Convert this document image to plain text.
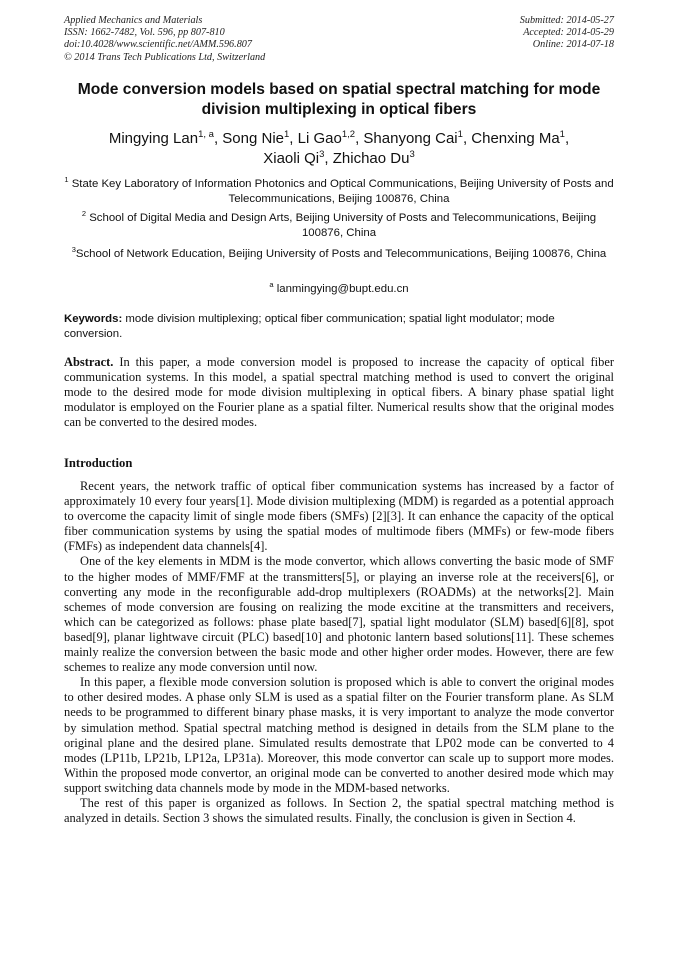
Applied Mechanics and Materials
ISSN: 1662-7482, Vol. 596, pp 807-810
doi:10.4028/www.scientific.net/AMM.596.807
© 2014 Trans Tech Publications Ltd, Switzerland
Submitted: 2014-05-27
Accepted: 2014-05-29
Online: 2014-07-18
Mode conversion models based on spatial spectral matching for mode division multiplexing in optical fibers
Mingying Lan$^{1, a}$, Song Nie$^1$, Li Gao$^{1,2}$, Shanyong Cai$^1$, Chenxing Ma$^1$,
Xiaoli Qi$^3$, Zhichao Du$^3$
$^1$ State Key Laboratory of Information Photonics and Optical Communications, Beijing University of Posts and Telecommunications, Beijing 100876, China
$^2$ School of Digital Media and Design Arts, Beijing University of Posts and Telecommunications, Beijing 100876, China
$^3$School of Network Education, Beijing University of Posts and Telecommunications, Beijing 100876, China
$^a$ lanmingying@bupt.edu.cn
Keywords: mode division multiplexing; optical fiber communication; spatial light modulator; mode conversion.
Abstract. In this paper, a mode conversion model is proposed to increase the capacity of optical fiber communication systems. In this model, a spatial spectral matching method is used to convert the original mode to the desired mode for mode division multiplexing in optical fibers. A binary phase spatial light modulator is employed on the Fourier plane as a spatial filter. Numerical results show that the original modes can be converted to the desired modes.
Introduction

Recent years, the network traffic of optical fiber communication systems has increased by a factor of approximately 10 every four years[1]. Mode division multiplexing (MDM) is regarded as a potential approach to overcome the capacity limit of single mode fibers (SMFs) [2][3]. It can enhance the capacity of the optical fiber communication systems by using the spatial modes of multimode fibers (MMFs) or few-mode fibers (FMFs) as independent data channels[4].

One of the key elements in MDM is the mode convertor, which allows converting the basic mode of SMF to the higher modes of MMF/FMF at the transmitters[5], or playing an inverse role at the receivers[6], or converting any mode in the reconfigurable add-drop multiplexers (ROADMs) at the networks[2]. Main schemes of mode conversion are fousing on realizing the mode excitine at the transmitters and receivers, which can be categorized as follows: phase plate based[7], spatial light modulator (SLM) based[6][8], spot based[9], planar lightwave circuit (PLC) based[10] and photonic lantern based solutions[11]. These schemes mainly realize the conversion between the basic mode and other higher order modes. However, there are few schemes to realize any mode conversion until now.

In this paper, a flexible mode conversion solution is proposed which is able to convert the original modes to other desired modes. A phase only SLM is used as a spatial filter on the Fourier transform plane. As SLM needs to be programmed to different binary phase masks, it is very important to analyze the mode convertor by simulation method. Spatial spectral matching method is designed in details from the SLM plane to the original plane and the desired plane. Simulated results demostrate that LP02 mode can be converted to 4 modes (LP11b, LP21b, LP12a, LP31a). Moreover, this mode convertor can scale up to support more modes. Within the proposed mode convertor, an original mode can be converted to another desired mode which may support switching data channels mode by mode in the MDM-based networks.

The rest of this paper is organized as follows. In Section 2, the spatial spectral matching method is analyzed in details. Section 3 shows the simulated results. Finally, the conclusion is given in Section 4.
